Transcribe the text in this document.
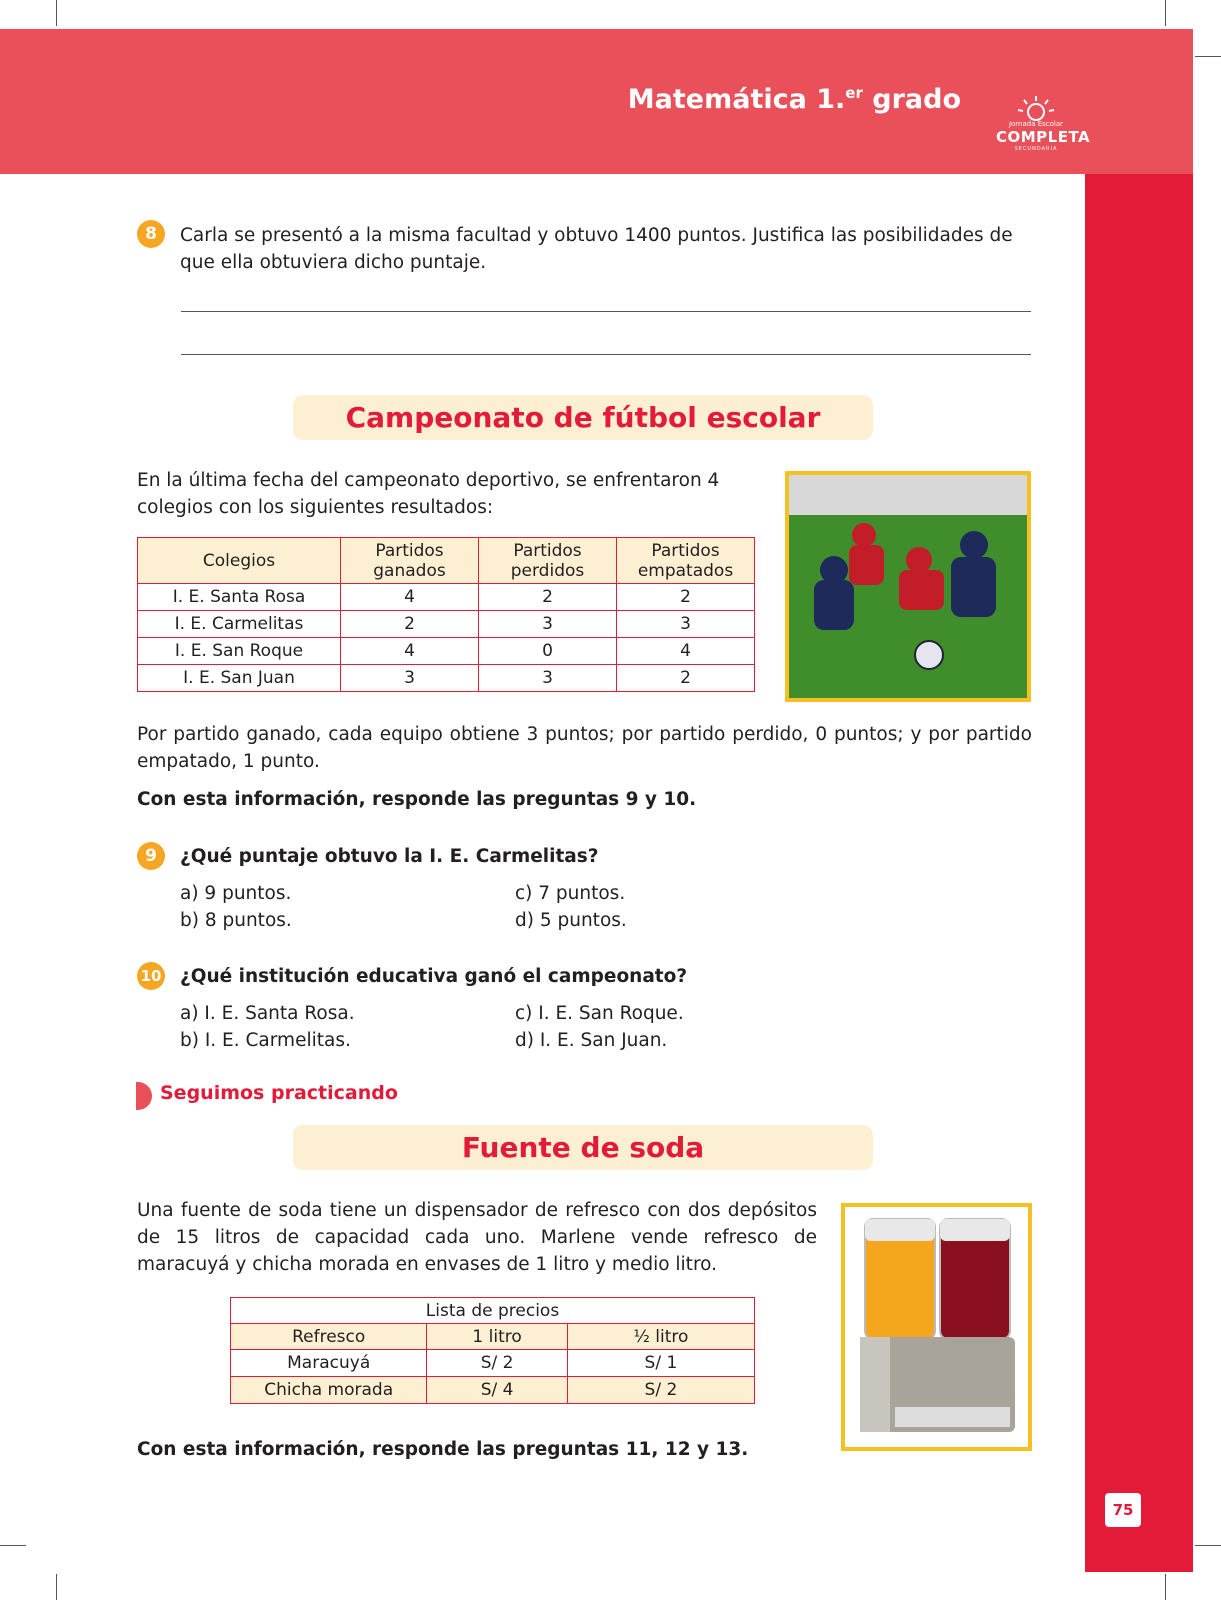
Matemática 1.$^{er}$ grado
Jornada Escolar
COMPLETA
SECUNDARIA
8	Carla se presentó a la misma facultad y obtuvo 1400 puntos. Justifica las posibilidades de que ella obtuviera dicho puntaje.
Campeonato de fútbol escolar
En la última fecha del campeonato deportivo, se enfrentaron 4 colegios con los siguientes resultados:
Colegios	Partidos ganados	Partidos perdidos	Partidos empatados
I. E. Santa Rosa	4	2	2
I. E. Carmelitas	2	3	3
I. E. San Roque	4	0	4
I. E. San Juan	3	3	2
Por partido ganado, cada equipo obtiene 3 puntos; por partido perdido, 0 puntos; y por partido empatado, 1 punto.
Con esta información, responde las preguntas 9 y 10.
9	¿Qué puntaje obtuvo la I. E. Carmelitas?
a) 9 puntos.
b) 8 puntos.
c) 7 puntos.
d) 5 puntos.
10 ¿Qué institución educativa ganó el campeonato?
a) I. E. Santa Rosa.
b) I. E. Carmelitas.
c) I. E. San Roque.
d) I. E. San Juan.
Seguimos practicando
Fuente de soda
Una fuente de soda tiene un dispensador de refresco con dos depósitos de 15 litros de capacidad cada uno. Marlene vende refresco de maracuyá y chicha morada en envases de 1 litro y medio litro.
Lista de precios		
Refresco	1 litro	½ litro
Maracuyá	S/ 2	S/ 1
Chicha morada	S/ 4	S/ 2
Con esta información, responde las preguntas 11, 12 y 13.
75
